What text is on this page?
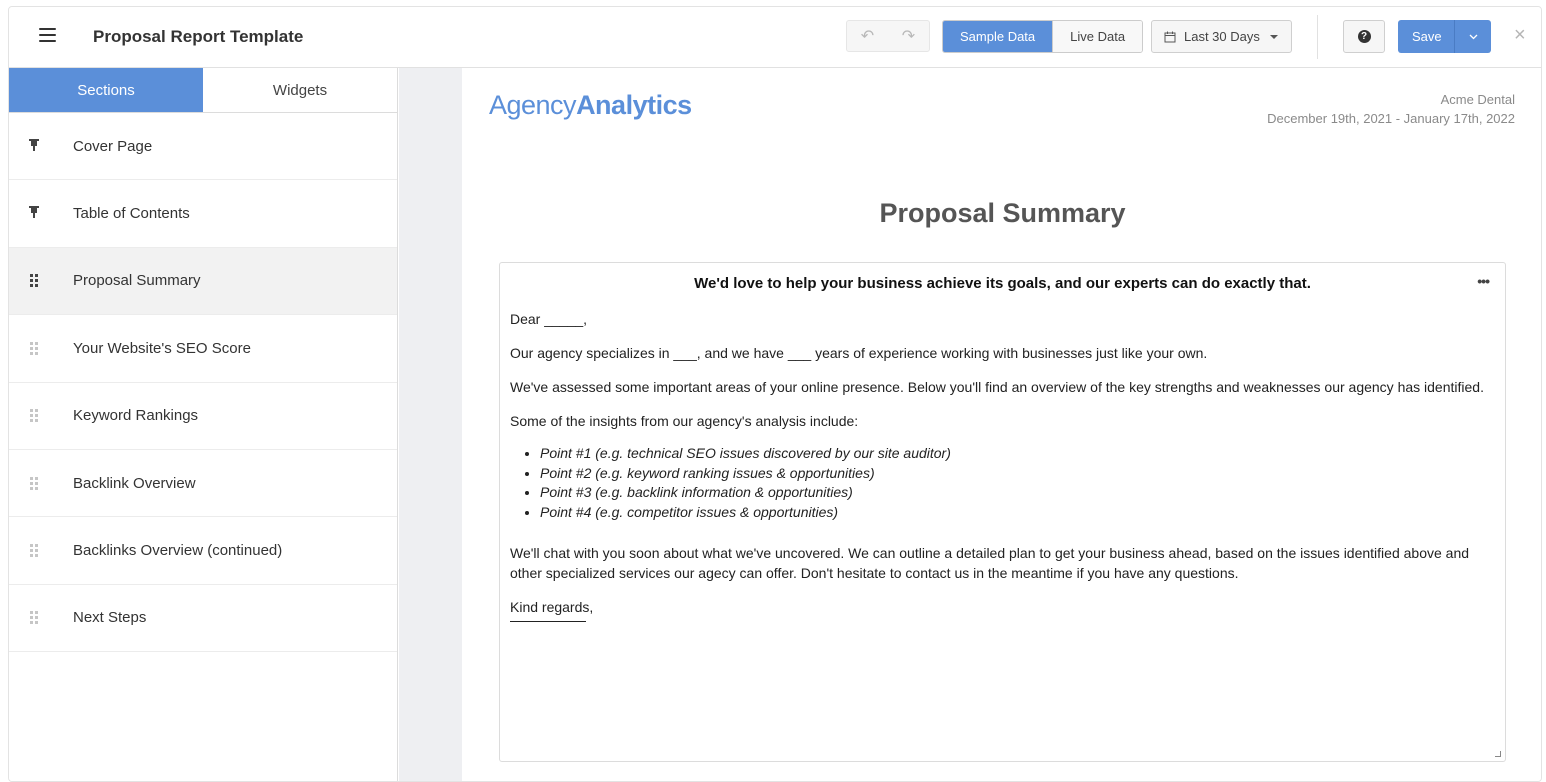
Proposal Report Template	↶	↷	Sample Data	Live Data	Last 30 Days	?	Save	×
Sections	Widgets
Cover Page
Table of Contents
Proposal Summary
Your Website's SEO Score
Keyword Rankings
Backlink Overview
Backlinks Overview (continued)
Next Steps
AgencyAnalytics	Acme Dental
December 19th, 2021 - January 17th, 2022
Proposal Summary
•••
We'd love to help your business achieve its goals, and our experts can do exactly that.

Dear _____,

Our agency specializes in ___, and we have ___ years of experience working with businesses just like your own.

We've assessed some important areas of your online presence. Below you'll find an overview of the key strengths and weaknesses our agency has identified.

Some of the insights from our agency's analysis include:

• Point #1 (e.g. technical SEO issues discovered by our site auditor)
• Point #2 (e.g. keyword ranking issues & opportunities)
• Point #3 (e.g. backlink information & opportunities)
• Point #4 (e.g. competitor issues & opportunities)

We'll chat with you soon about what we've uncovered. We can outline a detailed plan to get your business ahead, based on the issues identified above and other specialized services our agecy can offer. Don't hesitate to contact us in the meantime if you have any questions.

Kind regards,
